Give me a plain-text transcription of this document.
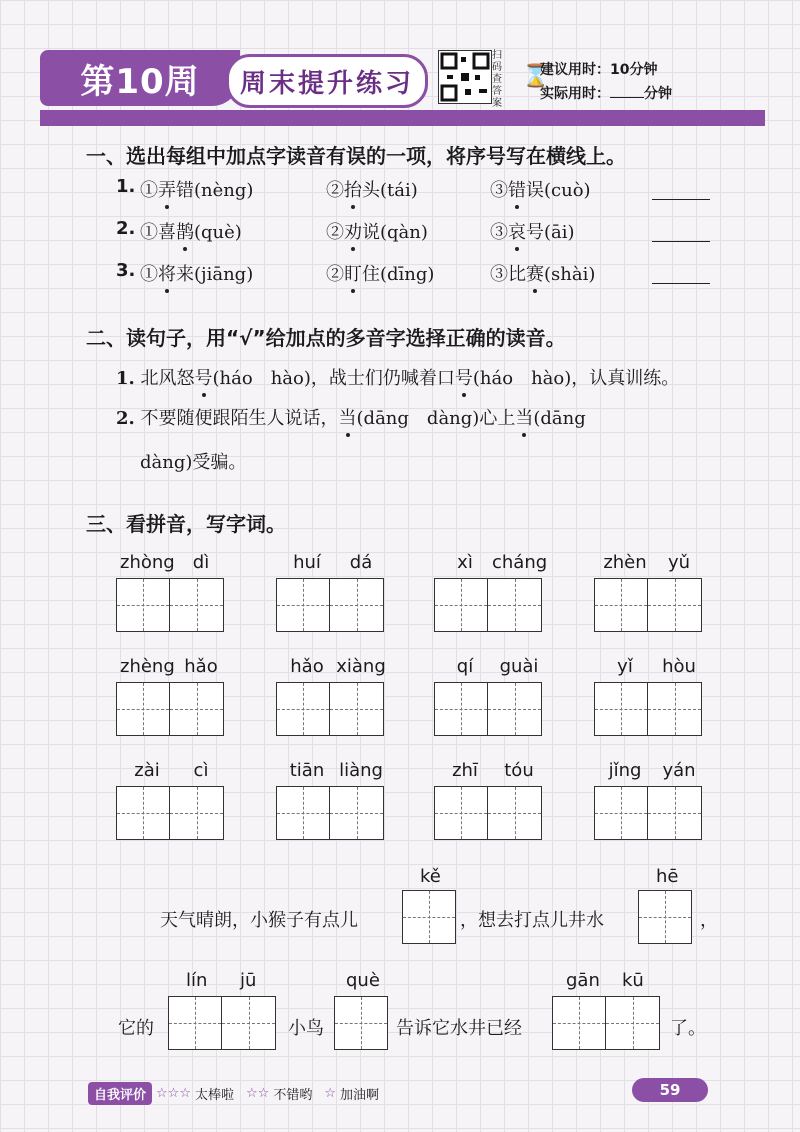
第10周	周末提升练习
扫码查答案
⌛
建议用时：10分钟
实际用时： 分钟
一、选出每组中加点字读音有误的一项，将序号写在横线上。
1. ①弄错(nèng)	②抬头(tái)	③错误(cuò)
2. ①喜鹊(què)	②劝说(qàn)	③哀号(āi)
3. ①将来(jiāng)	②盯住(dīng)	③比赛(shài)
二、读句子，用“√”给加点的多音字选择正确的读音。
1. 北风怒号(háo　hào)，战士们仍喊着口号(háo　hào)，认真训练。
2. 不要随便跟陌生人说话，当(dāng　dàng)心上当(dāng
dàng)受骗。
三、看拼音，写字词。
zhòng	dì	huí	dá	xì	cháng	zhèn	yǔ
zhèng hǎo	hǎo xiàng	qí	guài	yǐ	hòu
zài	cì	tiān liàng	zhī	tóu	jǐng	yán
天气晴朗，小猴子有点儿
kě
，想去打点儿井水
hē
，
它的
lín jū
小鸟
què
告诉它水井已经
gān kū
了。
自我评价 ☆☆☆ 太棒啦 ☆☆ 不错哟 ☆ 加油啊	59
